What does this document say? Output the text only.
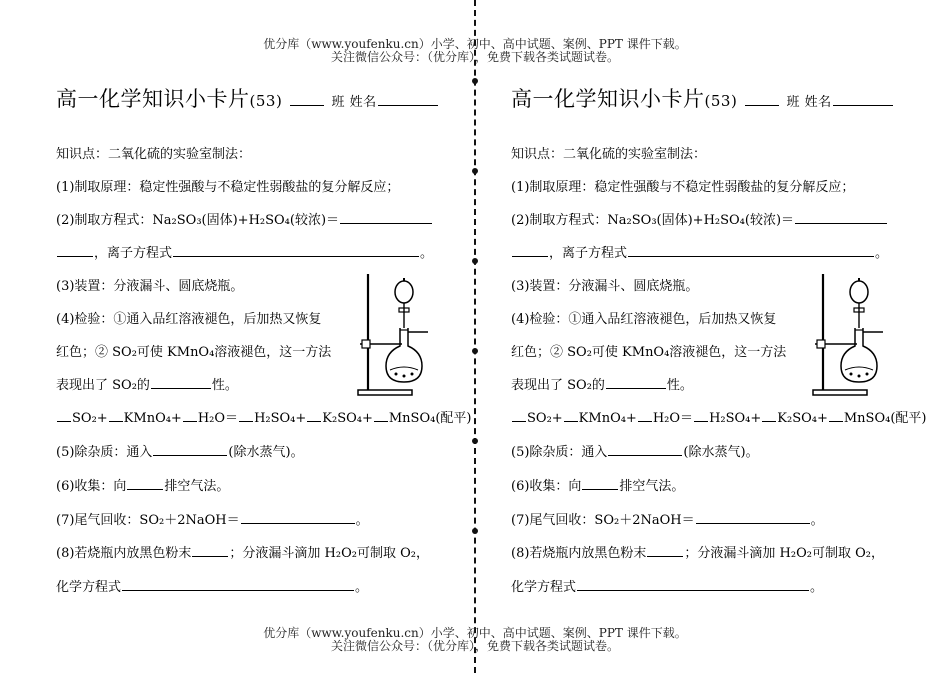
优分库（www.youfenku.cn）小学、初中、高中试题、案例、PPT 课件下载。
关注微信公众号：（优分库），免费下载各类试题试卷。
高一化学知识小卡片(53)	班 姓名
知识点：二氧化硫的实验室制法：
(1)制取原理：稳定性强酸与不稳定性弱酸盐的复分解反应；
(2)制取方程式：Na₂SO₃(固体)+H₂SO₄(较浓)＝
，离子方程式	。
(3)装置：分液漏斗、圆底烧瓶。
(4)检验：①通入品红溶液褪色，后加热又恢复
红色；② SO₂可使 KMnO₄溶液褪色，这一方法
表现出了 SO₂的	性。
SO₂+ KMnO₄+ H₂O＝ H₂SO₄+ K₂SO₄+ MnSO₄(配平)
(5)除杂质：通入	(除水蒸气)。
(6)收集：向	排空气法。
(7)尾气回收：SO₂＋2NaOH＝	。
(8)若烧瓶内放黑色粉末	；分液漏斗滴加 H₂O₂可制取 O₂，
化学方程式	。
高一化学知识小卡片(53)	班 姓名
知识点：二氧化硫的实验室制法：
(1)制取原理：稳定性强酸与不稳定性弱酸盐的复分解反应；
(2)制取方程式：Na₂SO₃(固体)+H₂SO₄(较浓)＝
，离子方程式	。
(3)装置：分液漏斗、圆底烧瓶。
(4)检验：①通入品红溶液褪色，后加热又恢复
红色；② SO₂可使 KMnO₄溶液褪色，这一方法
表现出了 SO₂的	性。
SO₂+ KMnO₄+ H₂O＝ H₂SO₄+ K₂SO₄+ MnSO₄(配平)
(5)除杂质：通入	(除水蒸气)。
(6)收集：向	排空气法。
(7)尾气回收：SO₂＋2NaOH＝	。
(8)若烧瓶内放黑色粉末	；分液漏斗滴加 H₂O₂可制取 O₂，
化学方程式	。
优分库（www.youfenku.cn）小学、初中、高中试题、案例、PPT 课件下载。
关注微信公众号：（优分库），免费下载各类试题试卷。
